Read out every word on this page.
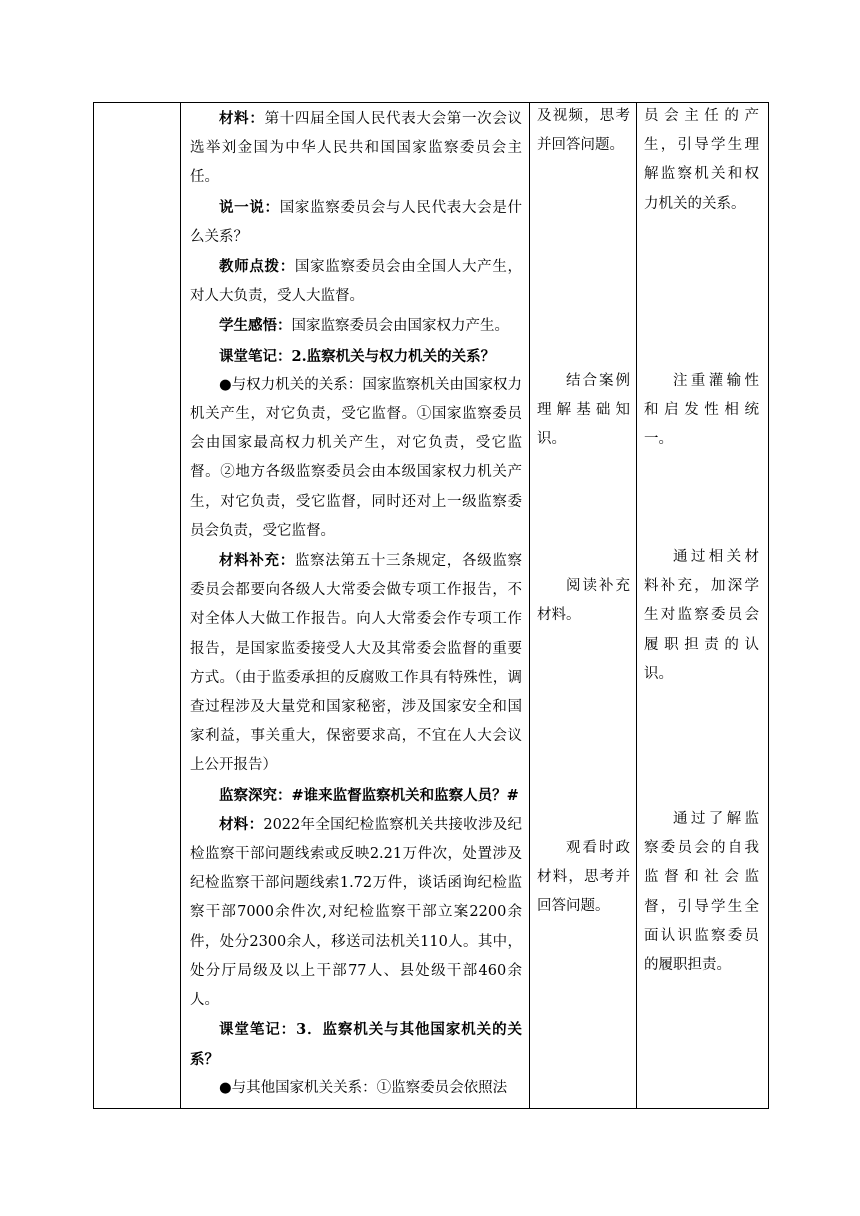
材料：第十四届全国人民代表大会第一次会议选举刘金国为中华人民共和国国家监察委员会主任。

说一说：国家监察委员会与人民代表大会是什么关系？

教师点拨：国家监察委员会由全国人大产生，对人大负责，受人大监督。

学生感悟：国家监察委员会由国家权力产生。

课堂笔记：2.监察机关与权力机关的关系？

●与权力机关的关系：国家监察机关由国家权力机关产生，对它负责，受它监督。①国家监察委员会由国家最高权力机关产生，对它负责，受它监督。②地方各级监察委员会由本级国家权力机关产生，对它负责，受它监督，同时还对上一级监察委员会负责，受它监督。

材料补充：监察法第五十三条规定，各级监察委员会都要向各级人大常委会做专项工作报告，不对全体人大做工作报告。向人大常委会作专项工作报告，是国家监委接受人大及其常委会监督的重要方式。（由于监委承担的反腐败工作具有特殊性，调查过程涉及大量党和国家秘密，涉及国家安全和国家利益，事关重大，保密要求高，不宜在人大会议上公开报告）

监察深究：#谁来监督监察机关和监察人员？#

材料：2022年全国纪检监察机关共接收涉及纪检监察干部问题线索或反映2.21万件次，处置涉及纪检监察干部问题线索1.72万件，谈话函询纪检监察干部7000余件次,对纪检监察干部立案2200余件，处分2300余人，移送司法机关110人。其中，处分厅局级及以上干部77人、县处级干部460余人。

课堂笔记：3．监察机关与其他国家机关的关系？

●与其他国家机关关系：①监察委员会依照法

及视频，思考并回答问题。

结合案例理解基础知识。

阅读补充材料。

观看时政材料，思考并回答问题。

员会主任的产生，引导学生理解监察机关和权力机关的关系。

注重灌输性和启发性相统一。

通过相关材料补充，加深学生对监察委员会履职担责的认识。

通过了解监察委员会的自我监督和社会监督，引导学生全面认识监察委员的履职担责。
